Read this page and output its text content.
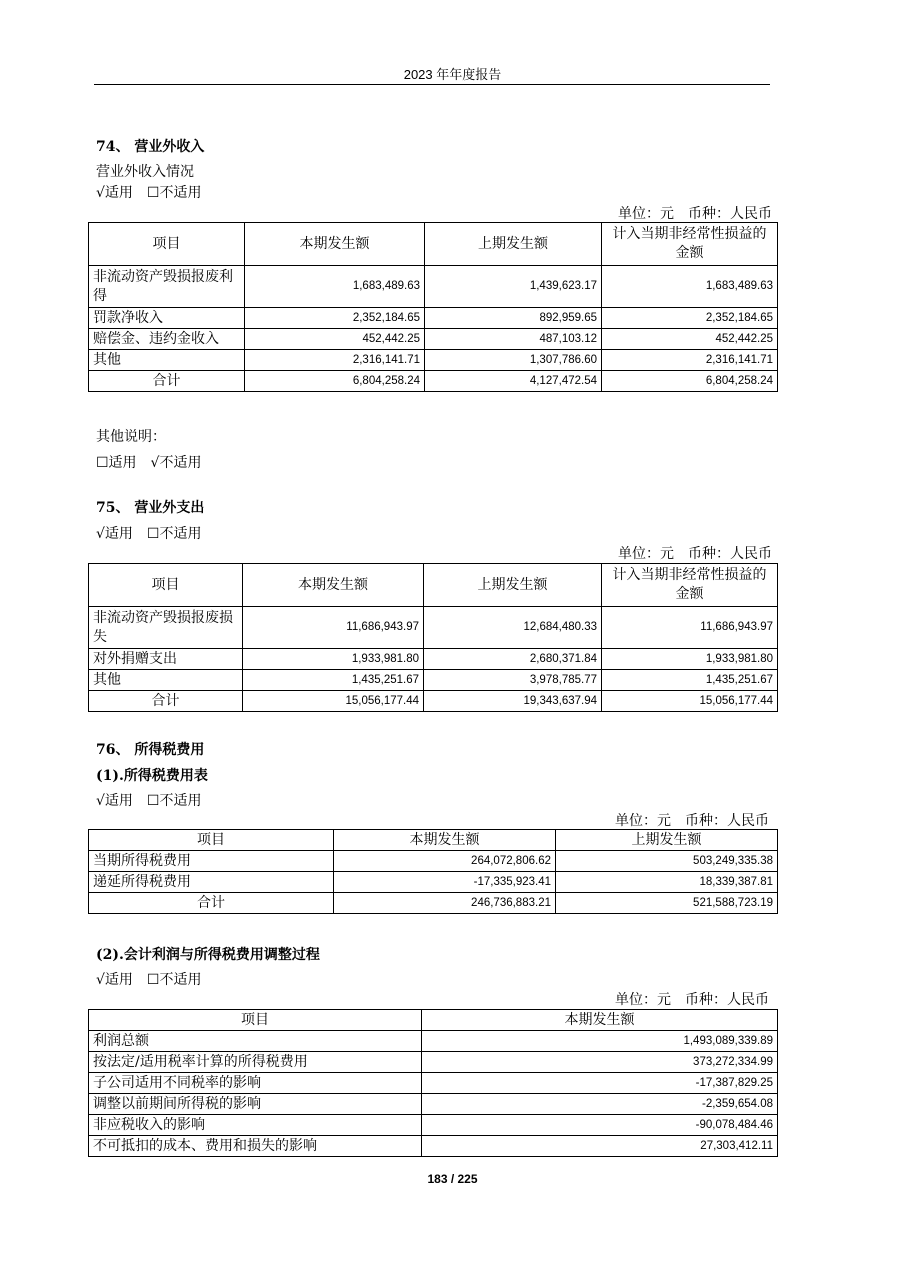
2023 年年度报告
74、 营业外收入
营业外收入情况
√适用　☐不适用
单位：元　币种：人民币
项目	本期发生额	上期发生额	计入当期非经常性损益的金额
非流动资产毁损报废利得	1,683,489.63	1,439,623.17	1,683,489.63
罚款净收入	2,352,184.65	892,959.65	2,352,184.65
赔偿金、违约金收入	452,442.25	487,103.12	452,442.25
其他	2,316,141.71	1,307,786.60	2,316,141.71
合计	6,804,258.24	4,127,472.54	6,804,258.24
其他说明：
☐适用　√不适用
75、 营业外支出
√适用　☐不适用
单位：元　币种：人民币
项目	本期发生额	上期发生额	计入当期非经常性损益的金额
非流动资产毁损报废损失	11,686,943.97	12,684,480.33	11,686,943.97
对外捐赠支出	1,933,981.80	2,680,371.84	1,933,981.80
其他	1,435,251.67	3,978,785.77	1,435,251.67
合计	15,056,177.44	19,343,637.94	15,056,177.44
76、 所得税费用
(1).所得税费用表
√适用　☐不适用
单位：元　币种：人民币
项目	本期发生额	上期发生额
当期所得税费用	264,072,806.62	503,249,335.38
递延所得税费用	-17,335,923.41	18,339,387.81
合计	246,736,883.21	521,588,723.19
(2).会计利润与所得税费用调整过程
√适用　☐不适用
单位：元　币种：人民币
项目	本期发生额
利润总额	1,493,089,339.89
按法定/适用税率计算的所得税费用	373,272,334.99
子公司适用不同税率的影响	-17,387,829.25
调整以前期间所得税的影响	-2,359,654.08
非应税收入的影响	-90,078,484.46
不可抵扣的成本、费用和损失的影响	27,303,412.11
183 / 225
